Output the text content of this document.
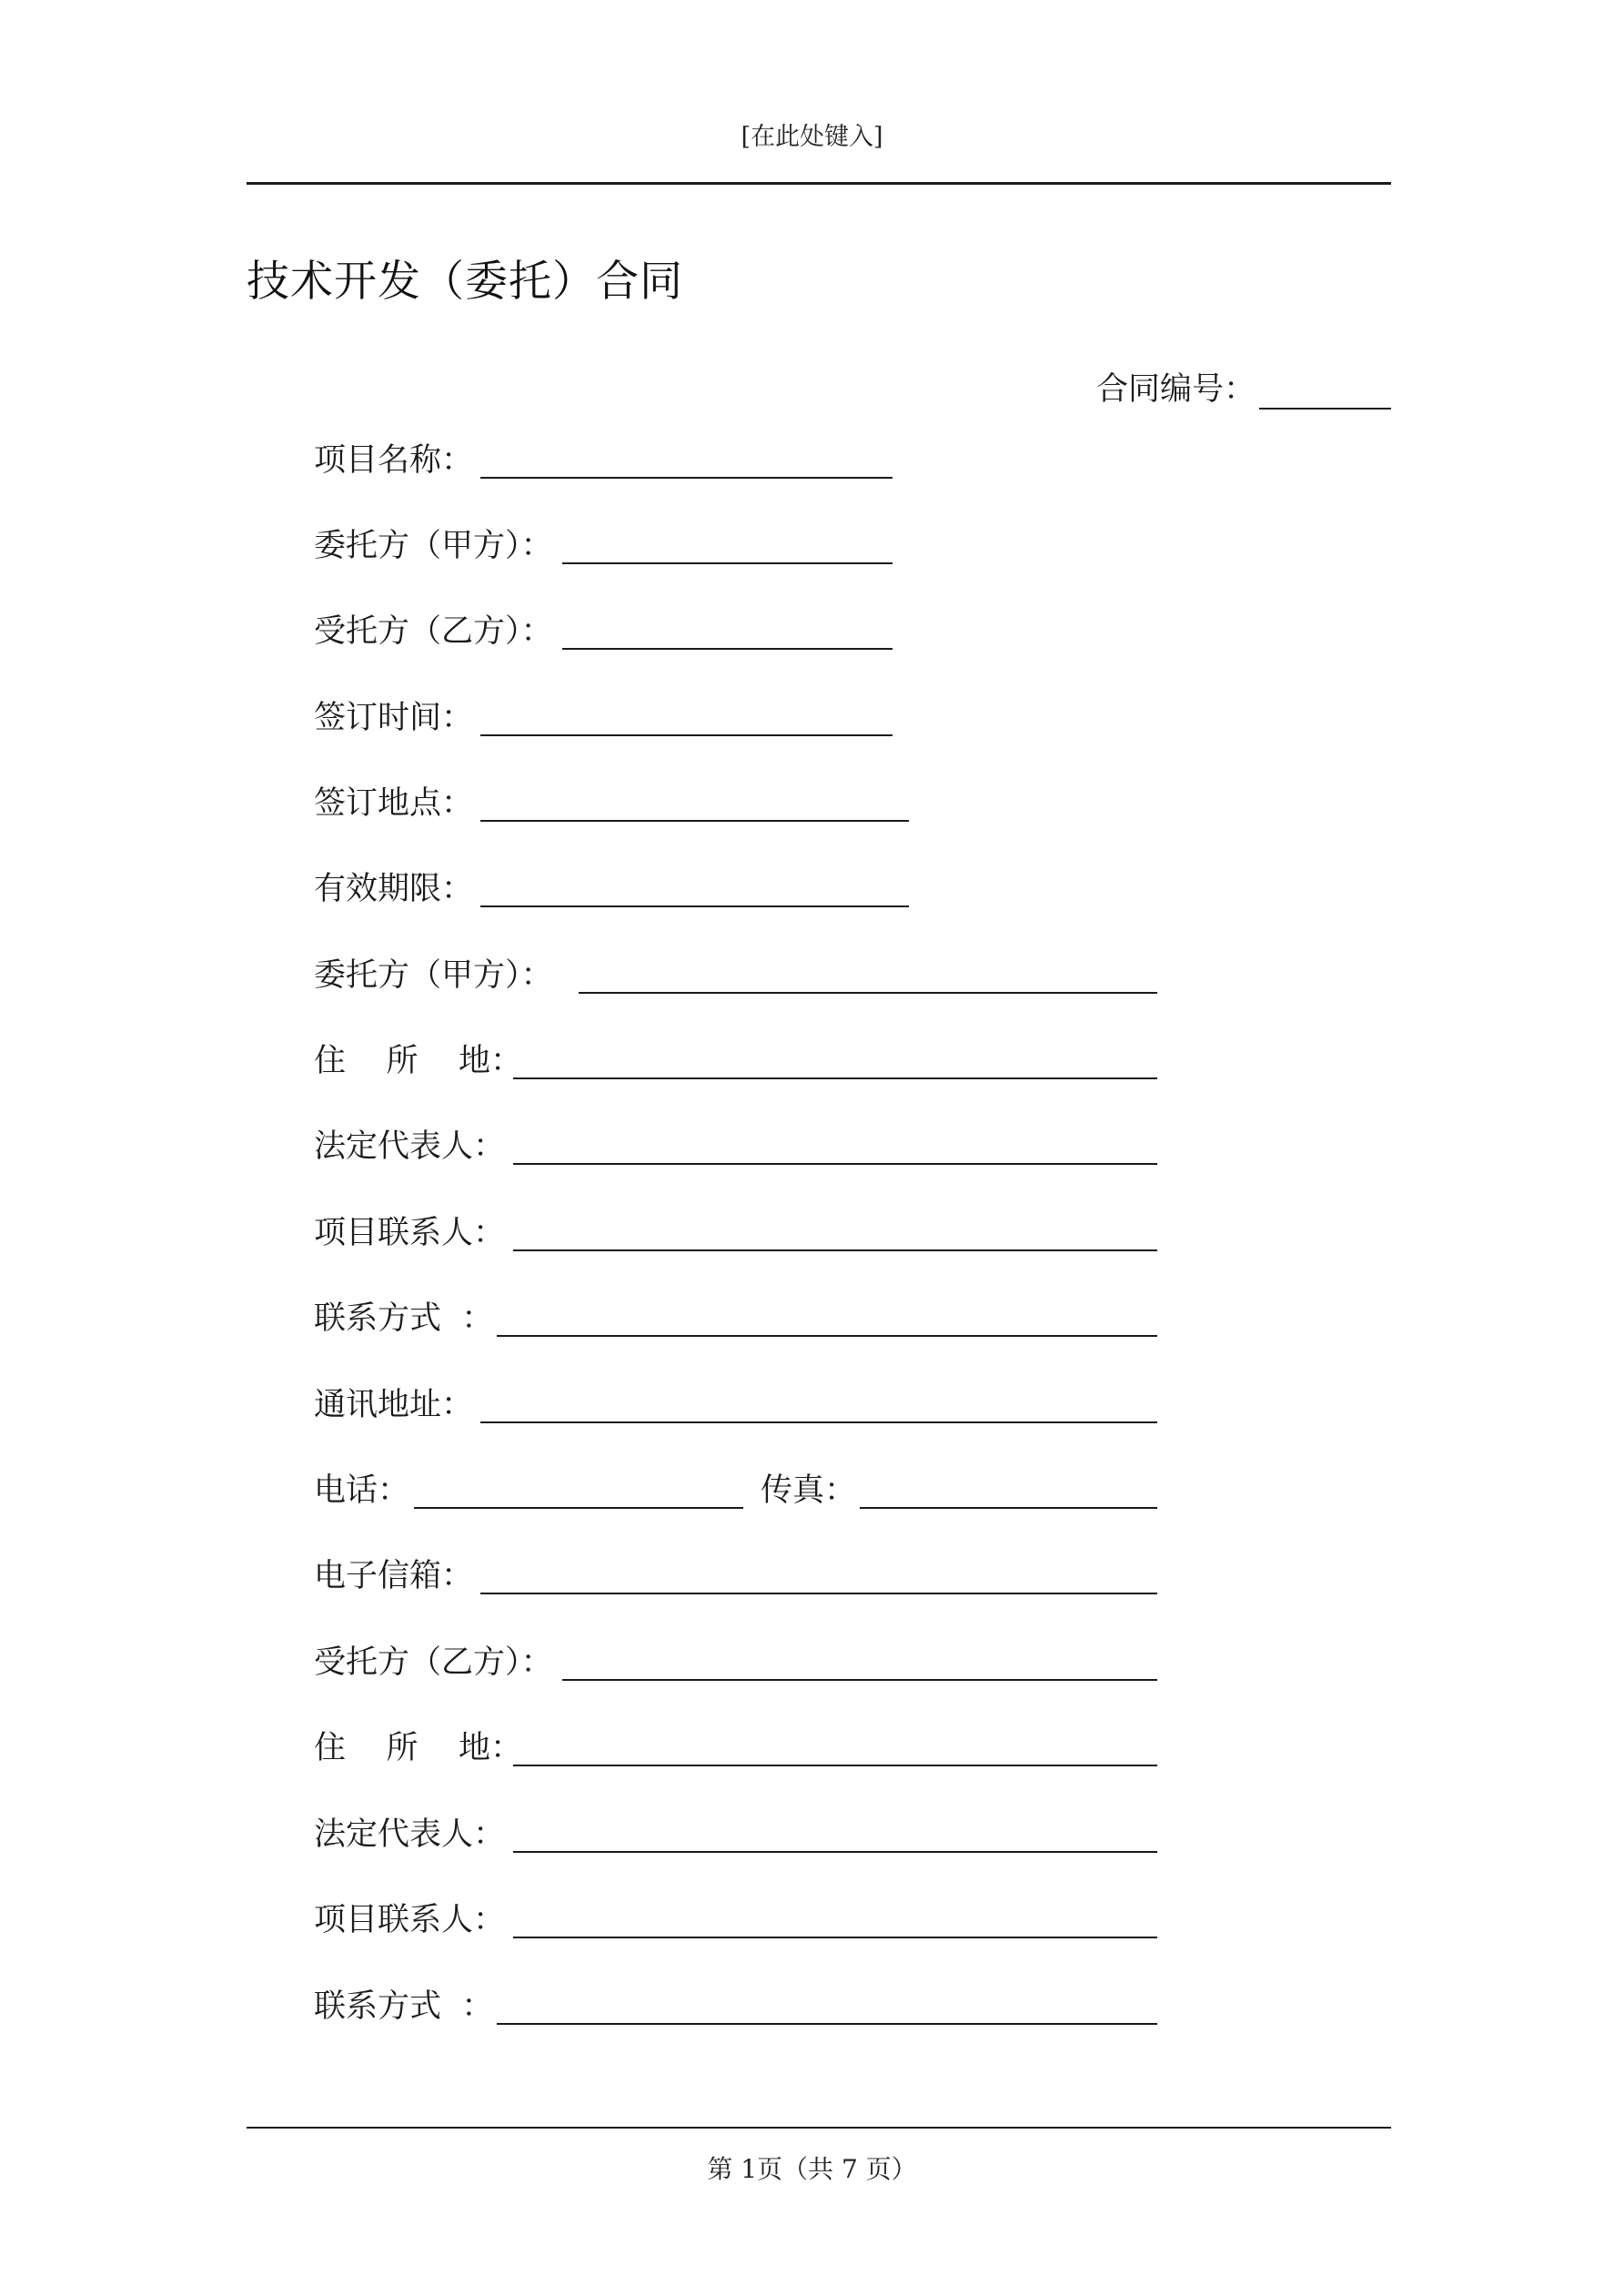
[在此处键入]
技术开发（委托）合同
合同编号：
项目名称：
委托方（甲方）：
受托方（乙方）：
签订时间：
签订地点：
有效期限：
委托方（甲方）：
住    所    地：
法定代表人：
项目联系人：
联系方式  ：
通讯地址：
电话：	传真：
电子信箱：
受托方（乙方）：
住    所    地：
法定代表人：
项目联系人：
联系方式  ：
第 1页（共 7 页）
